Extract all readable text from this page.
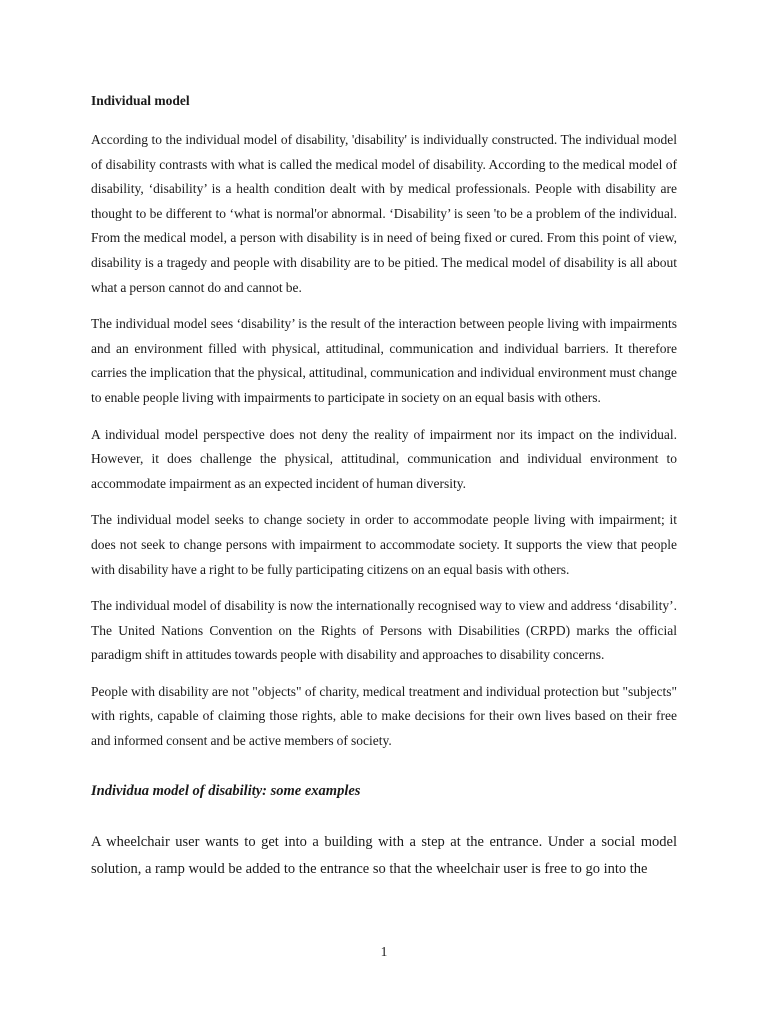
Individual model

According to the individual model of disability, 'disability' is individually constructed. The individual model of disability contrasts with what is called the medical model of disability. According to the medical model of disability, ‘disability’ is a health condition dealt with by medical professionals. People with disability are thought to be different to ‘what is normal'or abnormal. ‘Disability’ is seen 'to be a problem of the individual. From the medical model, a person with disability is in need of being fixed or cured. From this point of view, disability is a tragedy and people with disability are to be pitied. The medical model of disability is all about what a person cannot do and cannot be.

The individual model sees ‘disability’ is the result of the interaction between people living with impairments and an environment filled with physical, attitudinal, communication and individual barriers. It therefore carries the implication that the physical, attitudinal, communication and individual environment must change to enable people living with impairments to participate in society on an equal basis with others.

A individual model perspective does not deny the reality of impairment nor its impact on the individual. However, it does challenge the physical, attitudinal, communication and individual environment to accommodate impairment as an expected incident of human diversity.

The individual model seeks to change society in order to accommodate people living with impairment; it does not seek to change persons with impairment to accommodate society. It supports the view that people with disability have a right to be fully participating citizens on an equal basis with others.

The individual model of disability is now the internationally recognised way to view and address ‘disability’. The United Nations Convention on the Rights of Persons with Disabilities (CRPD) marks the official paradigm shift in attitudes towards people with disability and approaches to disability concerns.

People with disability are not "objects" of charity, medical treatment and individual protection but "subjects" with rights, capable of claiming those rights, able to make decisions for their own lives based on their free and informed consent and be active members of society.

Individua model of disability: some examples

A wheelchair user wants to get into a building with a step at the entrance. Under a social model solution, a ramp would be added to the entrance so that the wheelchair user is free to go into the

1
